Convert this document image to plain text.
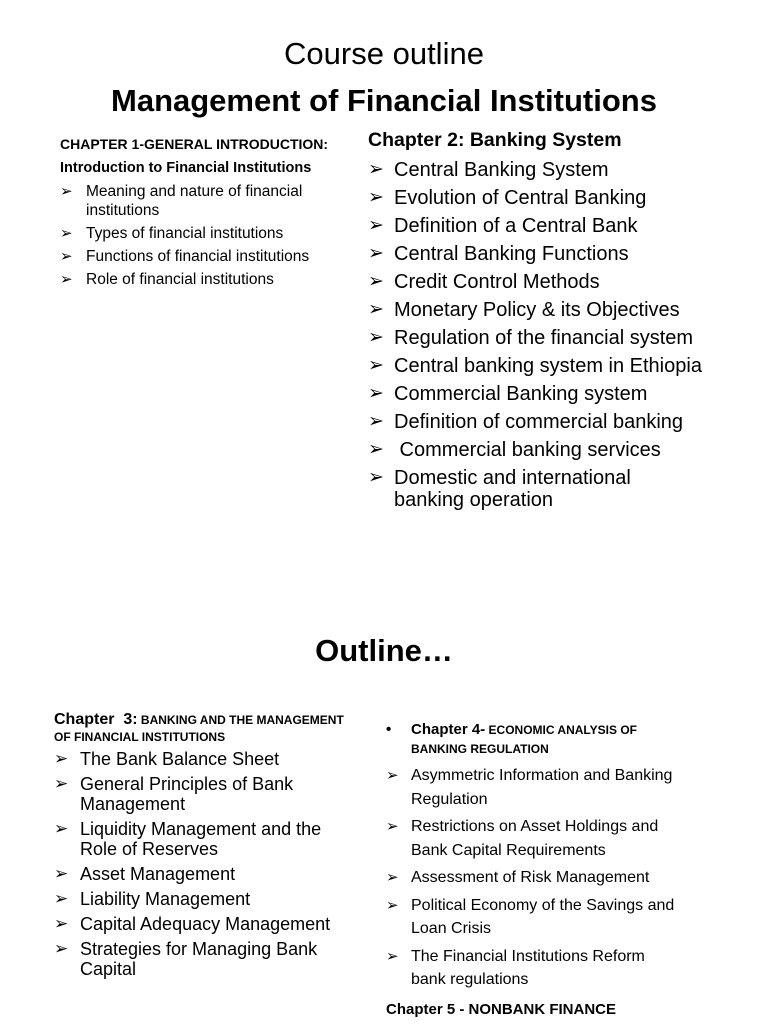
Course outline
Management of Financial Institutions
CHAPTER 1-GENERAL INTRODUCTION:
Introduction to Financial Institutions
➢ Meaning and nature of financial institutions
➢ Types of financial institutions
➢ Functions of financial institutions
➢ Role of financial institutions
Chapter 2: Banking System
➢ Central Banking System
➢ Evolution of Central Banking
➢ Definition of a Central Bank
➢ Central Banking Functions
➢ Credit Control Methods
➢ Monetary Policy & its Objectives
➢ Regulation of the financial system
➢ Central banking system in Ethiopia
➢ Commercial Banking system
➢ Definition of commercial banking
➢ Commercial banking services
➢ Domestic and international banking operation
Outline…
Chapter  3: BANKING AND THE MANAGEMENT
OF FINANCIAL INSTITUTIONS
➢ The Bank Balance Sheet
➢ General Principles of Bank Management
➢ Liquidity Management and the Role of Reserves
➢ Asset Management
➢ Liability Management
➢ Capital Adequacy Management
➢ Strategies for Managing Bank Capital
• Chapter 4- ECONOMIC ANALYSIS OF
BANKING REGULATION
➢ Asymmetric Information and Banking Regulation
➢ Restrictions on Asset Holdings and Bank Capital Requirements
➢ Assessment of Risk Management
➢ Political Economy of the Savings and Loan Crisis
➢ The Financial Institutions Reform bank regulations
Chapter 5 - NONBANK FINANCE
